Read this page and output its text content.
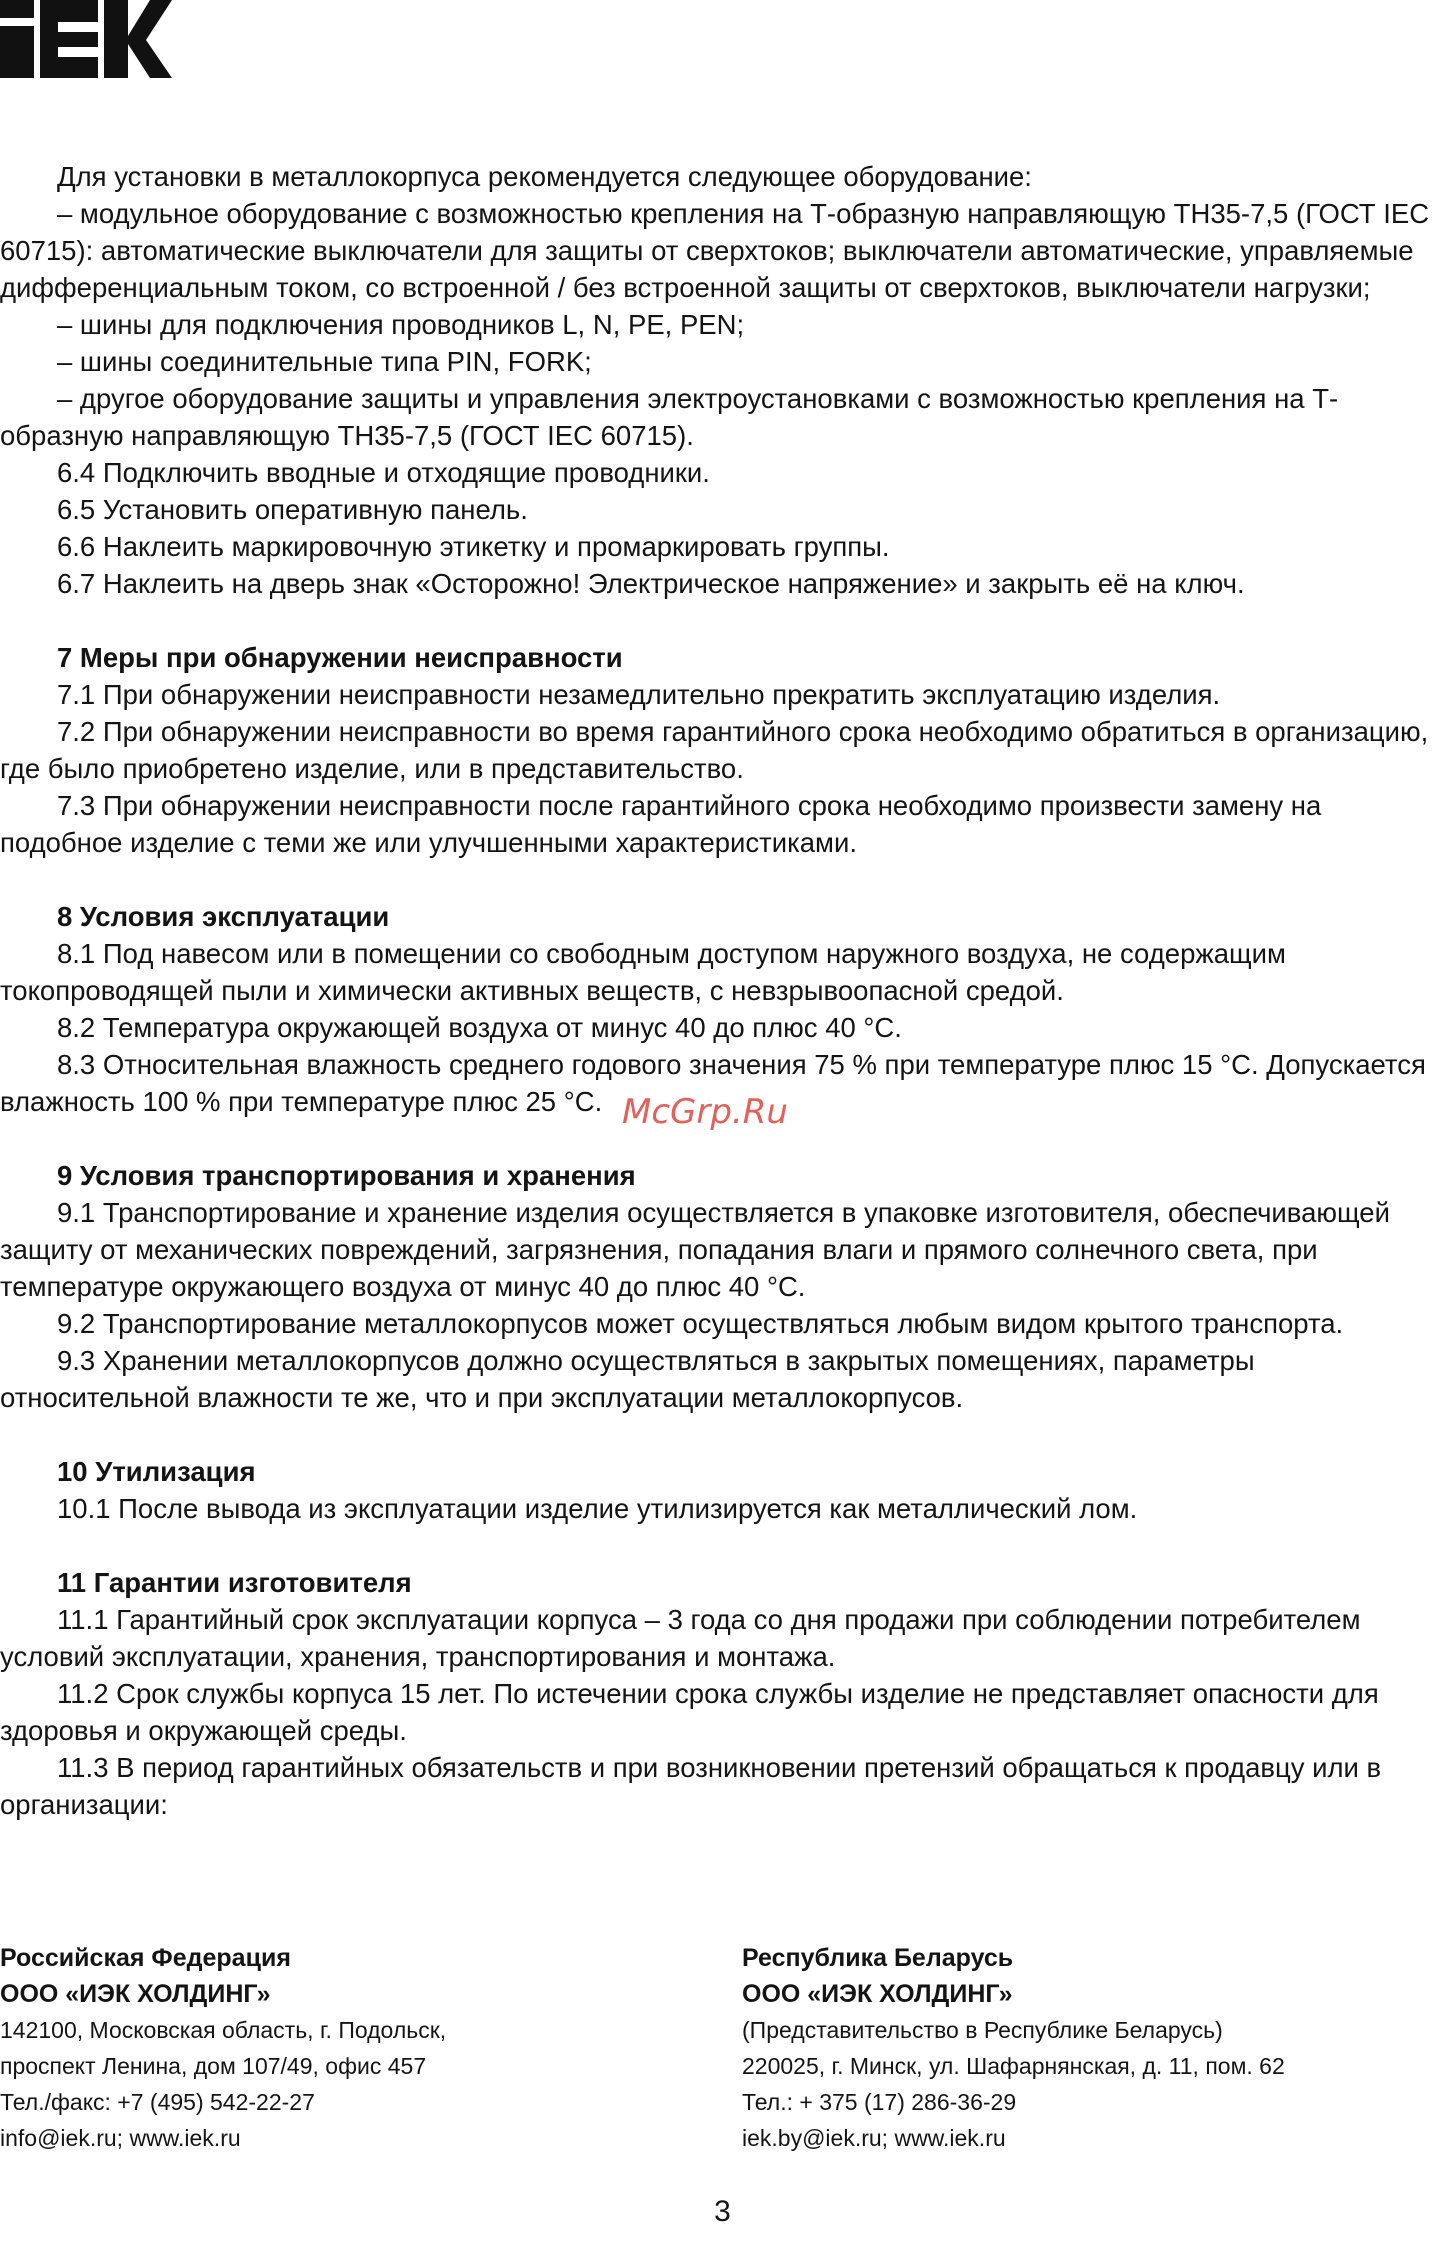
Для установки в металлокорпуса рекомендуется следующее оборудование:

– модульное оборудование с возможностью крепления на Т-образную направляющую ТН35-7,5 (ГОСТ IEC 60715): автоматические выключатели для защиты от сверхтоков; выключатели автоматические, управляемые дифференциальным током, со встроенной / без встроенной защиты от сверхтоков, выключатели нагрузки;

– шины для подключения проводников L, N, PE, PEN;

– шины соединительные типа PIN, FORK;

– другое оборудование защиты и управления электроустановками с возможностью крепления на Т-образную направляющую ТН35-7,5 (ГОСТ IEC 60715).

6.4 Подключить вводные и отходящие проводники.

6.5 Установить оперативную панель.

6.6 Наклеить маркировочную этикетку и промаркировать группы.

6.7 Наклеить на дверь знак «Осторожно! Электрическое напряжение» и закрыть её на ключ.

7 Меры при обнаружении неисправности

7.1 При обнаружении неисправности незамедлительно прекратить эксплуатацию изделия.

7.2 При обнаружении неисправности во время гарантийного срока необходимо обратиться в организацию, где было приобретено изделие, или в представительство.

7.3 При обнаружении неисправности после гарантийного срока необходимо произвести замену на подобное изделие с теми же или улучшенными характеристиками.

8 Условия эксплуатации

8.1 Под навесом или в помещении со свободным доступом наружного воздуха, не содержащим токопроводящей пыли и химически активных веществ, с невзрывоопасной средой.

8.2 Температура окружающей воздуха от минус 40 до плюс 40 °С.

8.3 Относительная влажность среднего годового значения 75 % при температуре плюс 15 °С. Допускается влажность 100 % при температуре плюс 25 °С.

9 Условия транспортирования и хранения

9.1 Транспортирование и хранение изделия осуществляется в упаковке изготовителя, обеспечивающей защиту от механических повреждений, загрязнения, попадания влаги и прямого солнечного света, при температуре окружающего воздуха от минус 40 до плюс 40 °С.

9.2 Транспортирование металлокорпусов может осуществляться любым видом крытого транспорта.

9.3 Хранении металлокорпусов должно осуществляться в закрытых помещениях, параметры относительной влажности те же, что и при эксплуатации металлокорпусов.

10 Утилизация

10.1 После вывода из эксплуатации изделие утилизируется как металлический лом.

11 Гарантии изготовителя

11.1 Гарантийный срок эксплуатации корпуса – 3 года со дня продажи при соблюдении потребителем условий эксплуатации, хранения, транспортирования и монтажа.

11.2 Срок службы корпуса 15 лет. По истечении срока службы изделие не представляет опасности для здоровья и окружающей среды.

11.3 В период гарантийных обязательств и при возникновении претензий обращаться к продавцу или в организации:

McGrp.Ru
Российская Федерация
ООО «ИЭК ХОЛДИНГ»
142100, Московская область, г. Подольск,
проспект Ленина, дом 107/49, офис 457
Тел./факс: +7 (495) 542-22-27
info@iek.ru; www.iek.ru
Республика Беларусь
ООО «ИЭК ХОЛДИНГ»
(Представительство в Республике Беларусь)
220025, г. Минск, ул. Шафарнянская, д. 11, пом. 62
Тел.: + 375 (17) 286-36-29
iek.by@iek.ru; www.iek.ru
3
